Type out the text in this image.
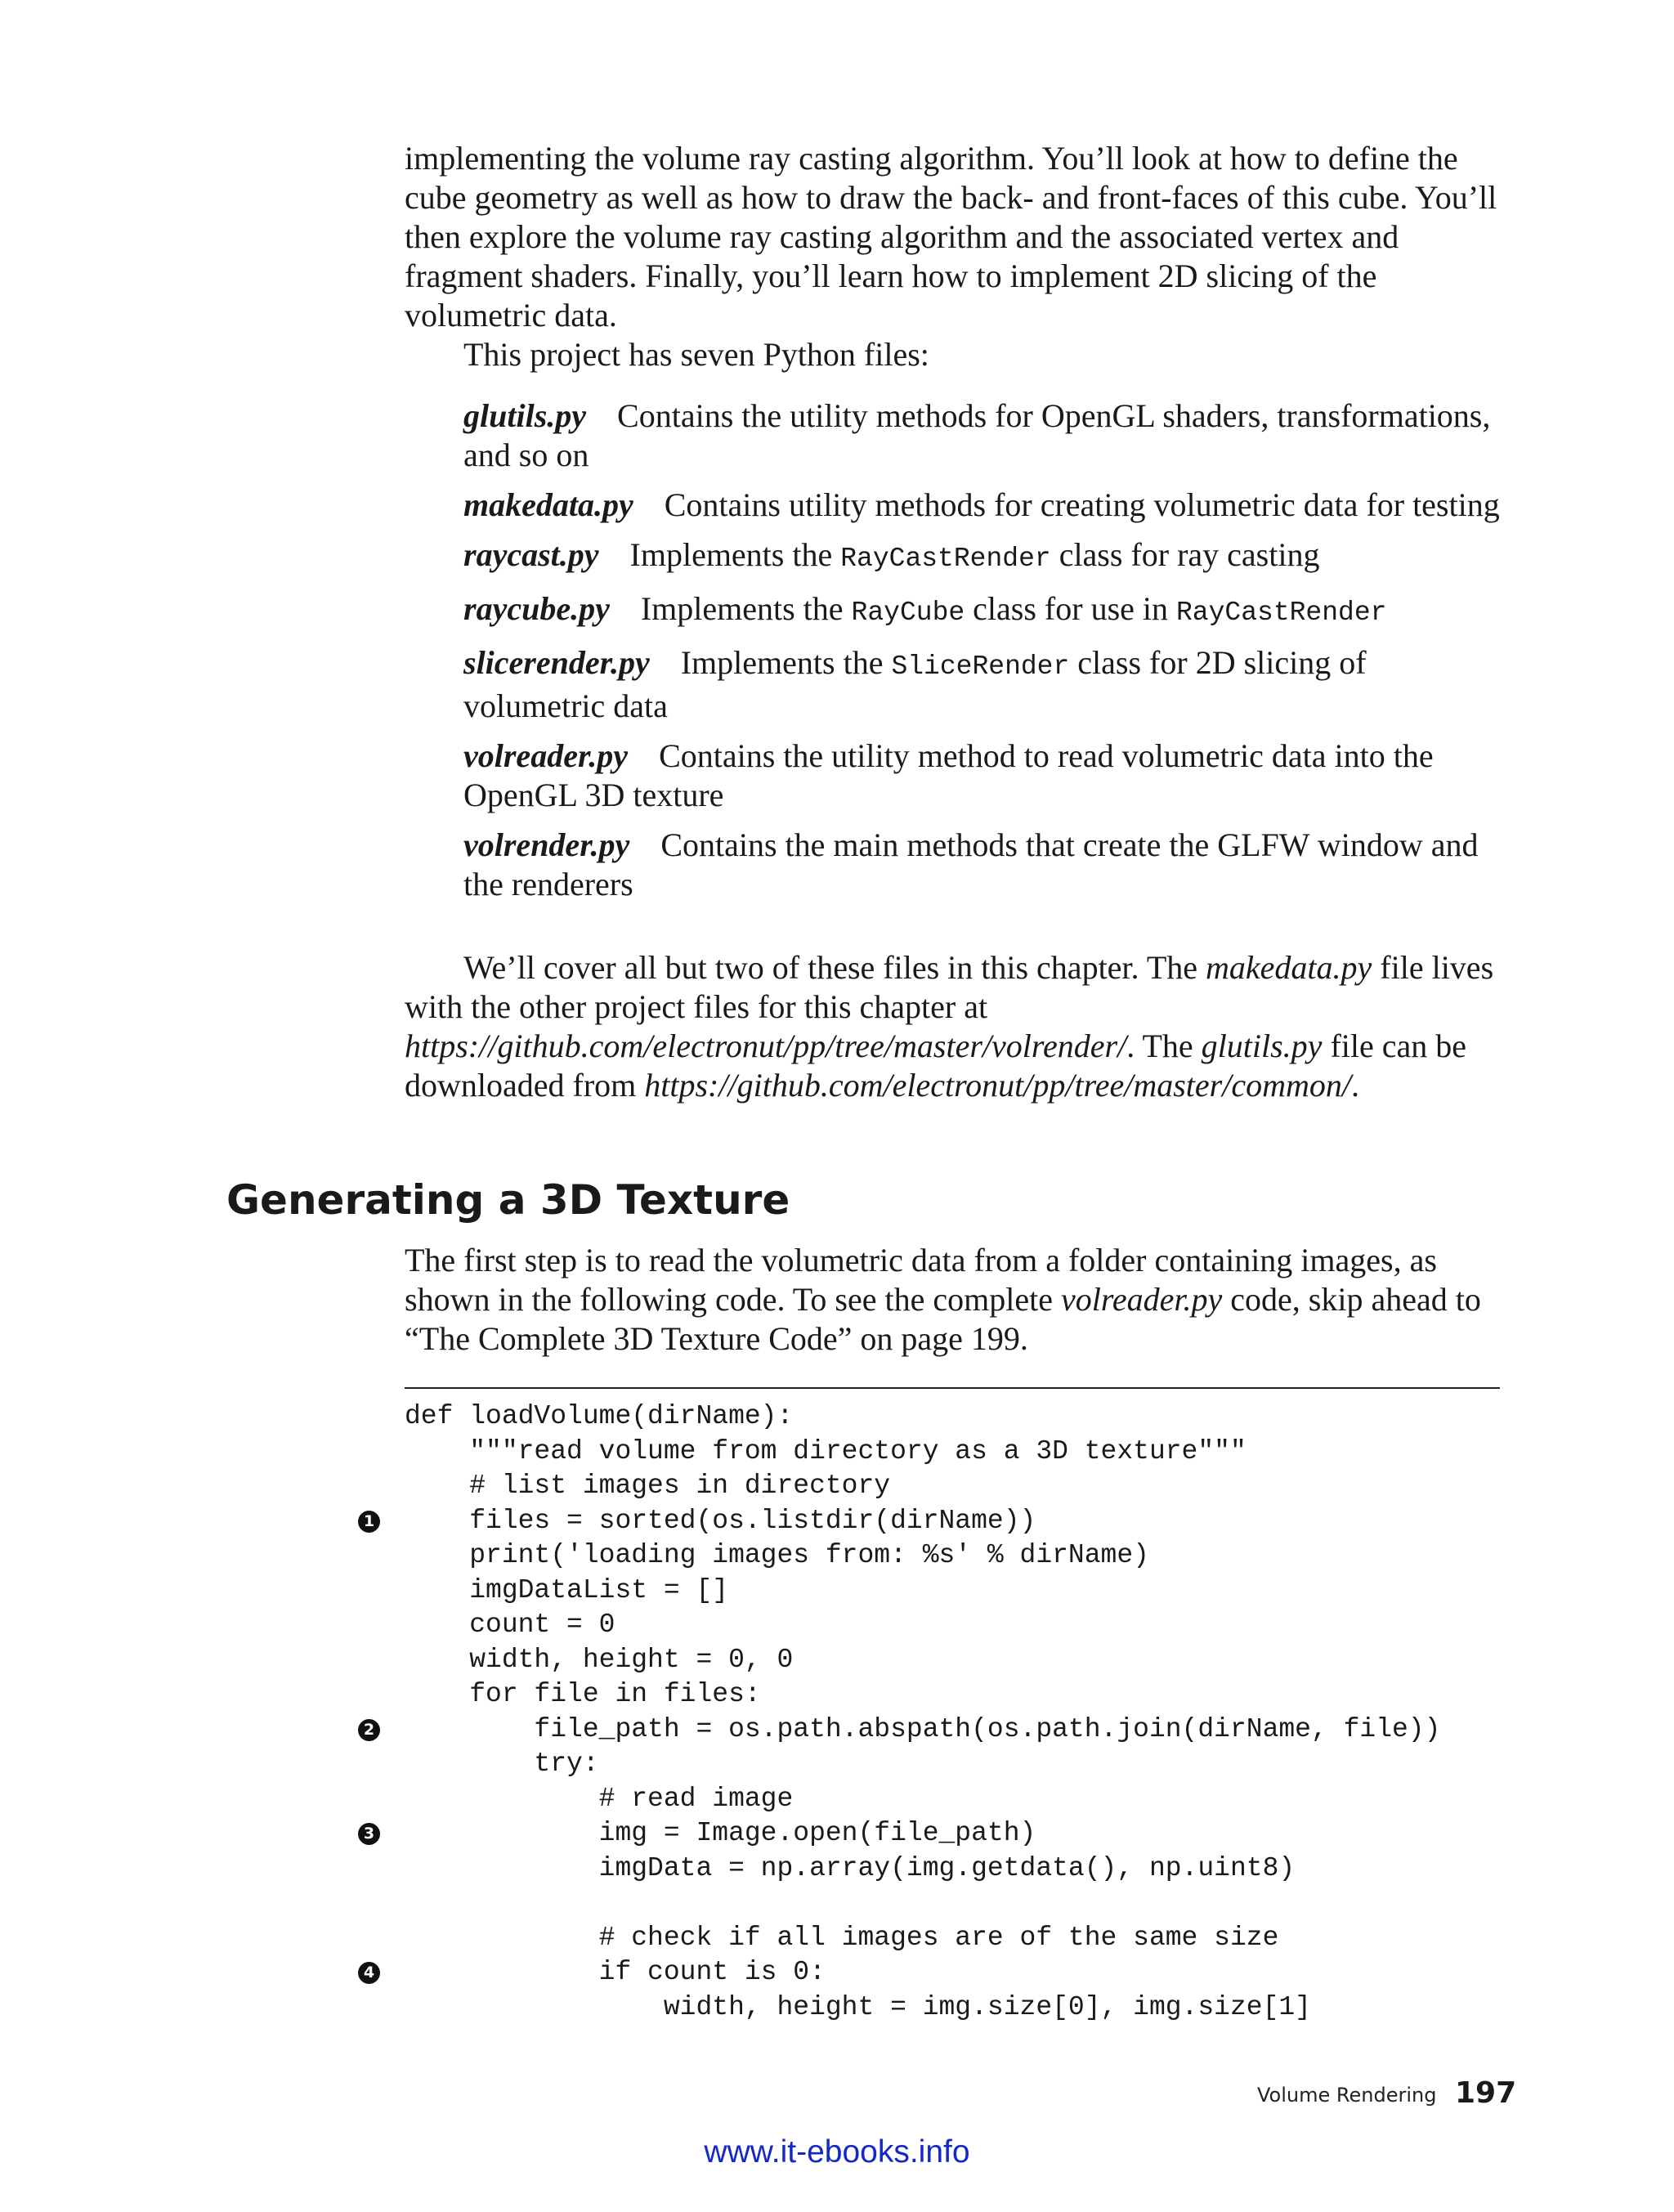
implementing the volume ray casting algorithm. You’ll look at how to define the cube geometry as well as how to draw the back- and front-faces of this cube. You’ll then explore the volume ray casting algorithm and the associated vertex and fragment shaders. Finally, you’ll learn how to implement 2D slicing of the volumetric data.

This project has seven Python files:

glutils.py Contains the utility methods for OpenGL shaders, transformations, and so on
makedata.py Contains utility methods for creating volumetric data for testing
raycast.py Implements the RayCastRender class for ray casting
raycube.py Implements the RayCube class for use in RayCastRender
slicerender.py Implements the SliceRender class for 2D slicing of volumetric data
volreader.py Contains the utility method to read volumetric data into the OpenGL 3D texture
volrender.py Contains the main methods that create the GLFW window and the renderers

We’ll cover all but two of these files in this chapter. The makedata.py file lives with the other project files for this chapter at https://github.com/electronut/pp/tree/master/volrender/. The glutils.py file can be downloaded from https://github.com/electronut/pp/tree/master/common/.

Generating a 3D Texture

The first step is to read the volumetric data from a folder containing images, as shown in the following code. To see the complete volreader.py code, skip ahead to “The Complete 3D Texture Code” on page 199.

def loadVolume(dirName):
"""read volume from directory as a 3D texture"""
# list images in directory
1 files = sorted(os.listdir(dirName))
print('loading images from: %s' % dirName)
imgDataList = []
count = 0
width, height = 0, 0
for file in files:
2 file_path = os.path.abspath(os.path.join(dirName, file))
try:
# read image
3 img = Image.open(file_path)
imgData = np.array(img.getdata(), np.uint8)
# check if all images are of the same size
4 if count is 0:
width, height = img.size[0], img.size[1]
Volume Rendering 197
www.it-ebooks.info
